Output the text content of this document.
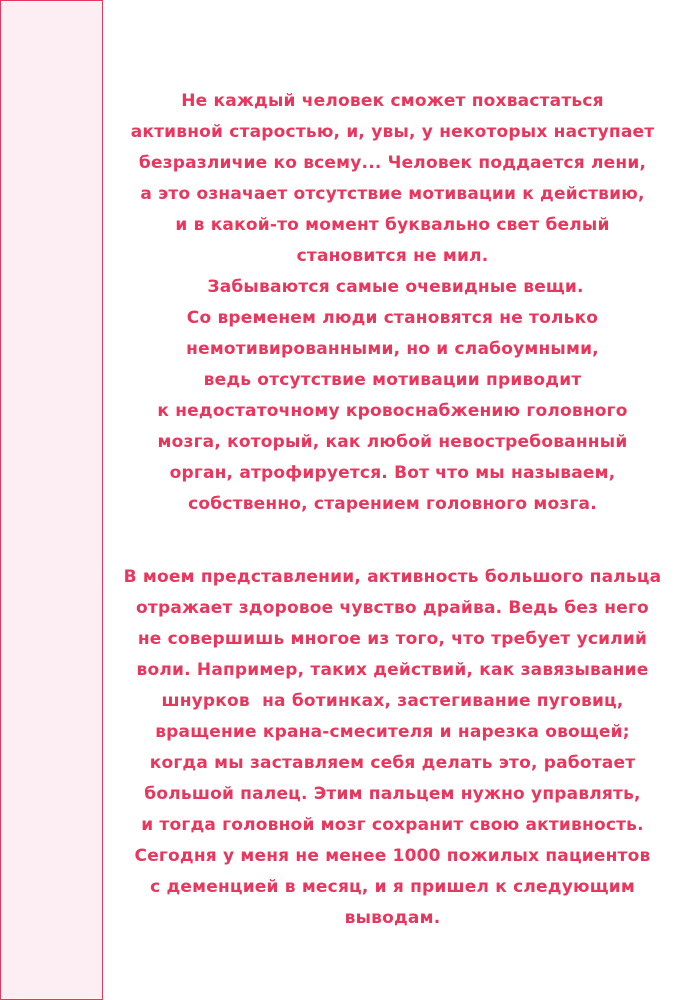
Не каждый человек сможет похвастаться
активной старостью, и, увы, у некоторых наступает
безразличие ко всему... Человек поддается лени,
а это означает отсутствие мотивации к действию,
и в какой-то момент буквально свет белый
становится не мил.
Забываются самые очевидные вещи.
Со временем люди становятся не только
немотивированными, но и слабоумными,
ведь отсутствие мотивации приводит
к недостаточному кровоснабжению головного
мозга, который, как любой невостребованный
орган, атрофируется. Вот что мы называем,
собственно, старением головного мозга.
В моем представлении, активность большого пальца
отражает здоровое чувство драйва. Ведь без него
не совершишь многое из того, что требует усилий
воли. Например, таких действий, как завязывание
шнурков  на ботинках, застегивание пуговиц,
вращение крана-смесителя и нарезка овощей;
когда мы заставляем себя делать это, работает
большой палец. Этим пальцем нужно управлять,
и тогда головной мозг сохранит свою активность.
Сегодня у меня не менее 1000 пожилых пациентов
с деменцией в месяц, и я пришел к следующим
выводам.
